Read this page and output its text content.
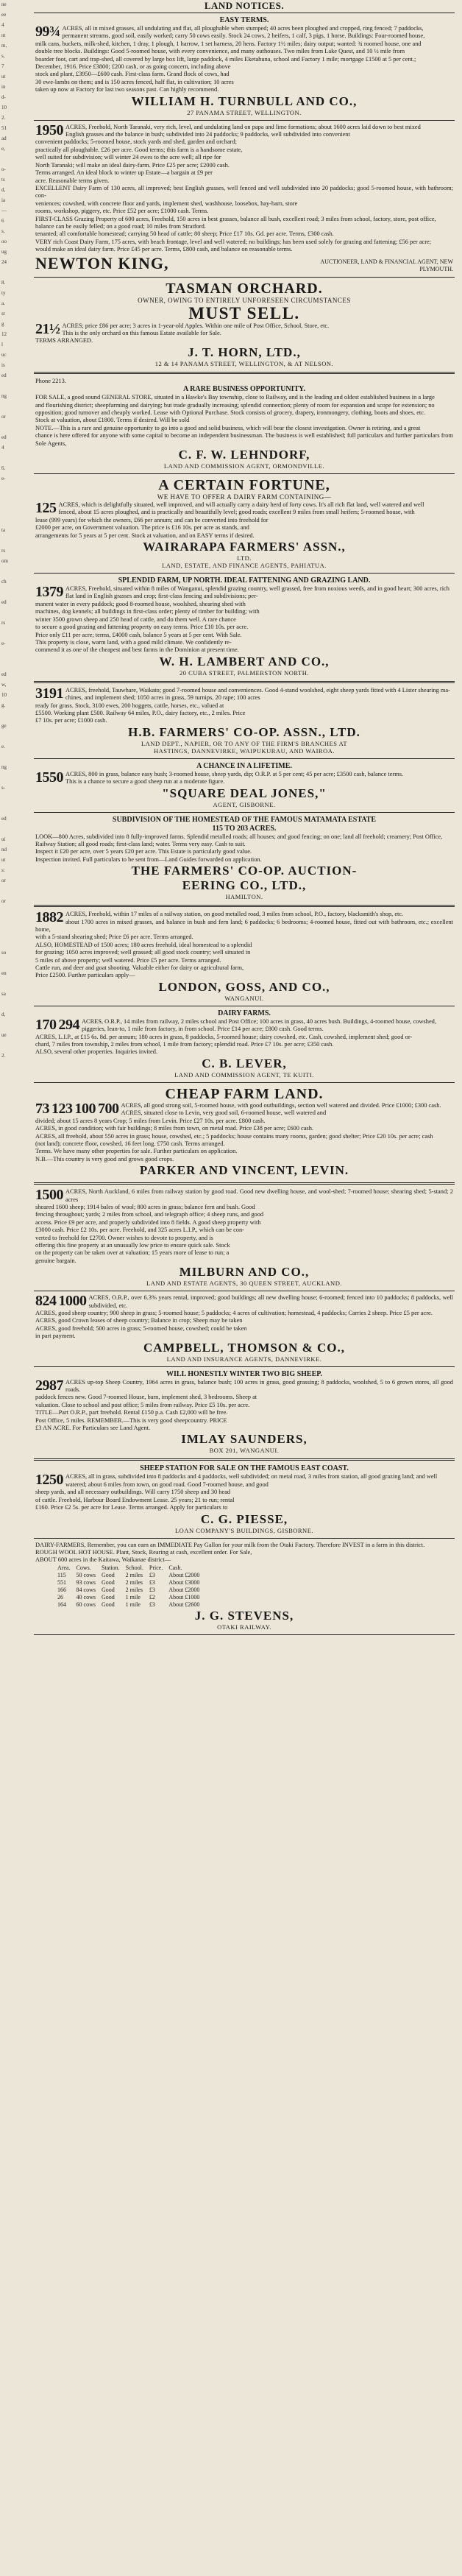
ne
ee
4
nt
m,
s,
7
ut
in
d-
10
2.
51
ad
e,
o-
ts
d,
ia
—
6
s,
oo
ug
24
8.
ty
a.
st
g
12
l
uc
is
ed
ng
or
ed
4
6.
e-
ta
rs
om
ch
ed
rs
e-
ed
w,
10
g.
ge
e.
ng
s-
ed
ui
nd
ut
s:
or
or
so
en
sa
d,
ue
2.
LAND NOTICES.
EASY TERMS.
99¾ ACRES, all in mixed grasses, all undulating and flat, all ploughable when stumped; 40 acres been ploughed and cropped, ring fenced; 7 paddocks,
permanent streams, good soil, easily worked; carry 50 cows easily. Stock 24 cows, 2 heifers, 1 calf, 3 pigs, 1 horse. Buildings: Four-roomed house,
milk cans, buckets, milk-shed, kitchen, 1 dray, 1 plough, 1 harrow, 1 set harness, 20 hens. Factory 1½ miles; dairy output; wanted: ¾ roomed house, one and
double tree blocks. Buildings: Good 5-roomed house, with every convenience, and many outhouses. Two miles from Lake Quest, and 10 ½ mile from
boarder foot, cart and trap-shed, all covered by large box lift, large paddock, 4 miles Eketahuna, school and Factory 1 mile; mortgage £1500 at 5 per cent.;
December, 1916. Price £3800; £200 cash, or as going concern, including above
stock and plant, £3950—£600 cash. First-class farm. Grand flock of cows, had
30 ewe-lambs on them; and is 150 acres fenced, half flat, in cultivation; 10 acres
taken up now at Factory for last two seasons past. Can highly recommend.
WILLIAM H. TURNBULL AND CO.,
27 PANAMA STREET, WELLINGTON.
1950 ACRES, Freehold, North Taranaki, very rich, level, and undulating land on papa and lime formations; about 1600 acres laid down to best mixed
English grasses and the balance in bush; subdivided into 24 paddocks; 9 paddocks, well subdivided into convenient
convenient paddocks; 5-roomed house, stock yards and shed, garden and orchard;
practically all ploughable. £26 per acre. Good terms; this farm is a handsome estate,
well suited for subdivision; will winter 24 ewes to the acre well; all ripe for
North Taranaki; will make an ideal dairy-farm. Price £25 per acre; £2000 cash.
Terms arranged. An ideal block to winter up Estate—a bargain at £9 per
acre. Reasonable terms given.
EXCELLENT Dairy Farm of 130 acres, all improved; best English grasses, well fenced and well subdivided into 20 paddocks; good 5-roomed house, with bathroom; con-
veniences; cowshed, with concrete floor and yards, implement shed, washhouse, loosebox, hay-barn, store
rooms, workshop, piggery, etc. Price £52 per acre; £1000 cash. Terms.
FIRST-CLASS Grazing Property of 600 acres, Freehold, 150 acres in best grasses, balance all bush, excellent road; 3 miles from school, factory, store, post office,
balance can be easily felled; on a good road; 10 miles from Stratford.
tenanted; all comfortable homestead; carrying 50 head of cattle; 80 sheep; Price £17 10s. Gd. per acre. Terms, £300 cash.
VERY rich Coast Dairy Farm, 175 acres, with beach frontage, level and well watered; no buildings; has been used solely for grazing and fattening; £56 per acre;
would make an ideal dairy farm. Price £45 per acre. Terms, £800 cash, and balance on reasonable terms.
NEWTON KING,	AUCTIONEER, LAND & FINANCIAL AGENT, NEW PLYMOUTH.
TASMAN ORCHARD.
OWNER, OWING TO ENTIRELY UNFORESEEN CIRCUMSTANCES
MUST SELL.
21½ ACRES; price £86 per acre; 3 acres in 1-year-old Apples. Within one mile of Post Office, School, Store, etc.
This is the only orchard on this famous Estate available for Sale.
TERMS ARRANGED.
J. T. HORN, LTD.,
12 & 14 PANAMA STREET, WELLINGTON, & AT NELSON.
Phone 2213.
A RARE BUSINESS OPPORTUNITY.
FOR SALE, a good sound GENERAL STORE, situated in a Hawke's Bay township, close to Railway, and is the leading and oldest established business in a large
and flourishing district; sheepfarming and dairying; but trade gradually increasing; splendid connection; plenty of room for expansion and scope for extension; no
opposition; good turnover and cheaply worked. Lease with Optional Purchase. Stock consists of grocery, drapery, ironmongery, clothing, boots and shoes, etc.
Stock at valuation, about £1800. Terms if desired. Will be sold
NOTE.—This is a rare and genuine opportunity to go into a good and solid business, which will bear the closest investigation. Owner is retiring, and a great
chance is here offered for anyone with some capital to become an independent businessman. The business is well established; full particulars and further particulars from Sole Agents,
C. F. W. LEHNDORF,
LAND AND COMMISSION AGENT, ORMONDVILLE.
A CERTAIN FORTUNE,
WE HAVE TO OFFER A DAIRY FARM CONTAINING—
125 ACRES, which is delightfully situated, well improved, and will actually carry a dairy herd of forty cows. It's all rich flat land, well watered and well
fenced, about 15 acres ploughed, and is practically and beautifully level; good roads; excellent 9 miles from small heifers; 5-roomed house, with
lease (999 years) for which the owners, £66 per annum; and can be converted into freehold for
£2000 per acre, on Government valuation. The price is £16 10s. per acre as stands, and
arrangements for 5 years at 5 per cent. Stock at valuation, and on EASY terms if desired.
WAIRARAPA FARMERS' ASSN.,
LTD.
LAND, ESTATE, AND FINANCE AGENTS, PAHIATUA.
SPLENDID FARM, UP NORTH. IDEAL FATTENING AND GRAZING LAND.
1379 ACRES, Freehold, situated within 8 miles of Wanganui, splendid grazing country, well grassed, free from noxious weeds, and in good heart; 300 acres, rich
flat land in English grasses and crop; first-class fencing and subdivisions; per-
manent water in every paddock; good 8-roomed house, woolshed, shearing shed with
machines, dog kennels; all buildings in first-class order; plenty of timber for building; with
winter 3500 grown sheep and 250 head of cattle, and do them well. A rare chance
to secure a good grazing and fattening property on easy terms. Price £10 10s. per acre.
Price only £11 per acre; terms, £4000 cash, balance 5 years at 5 per cent. With Sale.
This property is close, warm land, with a good mild climate. We confidently re-
commend it as one of the cheapest and best farms in the Dominion at present time.
W. H. LAMBERT AND CO.,
20 CUBA STREET, PALMERSTON NORTH.
3191 ACRES, freehold, Tauwhare, Waikato; good 7-roomed house and conveniences. Good 4-stand woolshed, eight sheep yards fitted with 4 Lister shearing ma-
chines, and implement shed; 1050 acres in grass, 59 turnips, 20 rape; 100 acres
ready for grass. Stock, 3100 ewes, 200 hoggets, cattle, horses, etc., valued at
£5500. Working plant £500. Railway 64 miles, P.O., dairy factory, etc., 2 miles. Price
£7 10s. per acre; £1000 cash.
H.B. FARMERS' CO-OP. ASSN., LTD.
LAND DEPT., NAPIER, OR TO ANY OF THE FIRM'S BRANCHES AT
HASTINGS, DANNEVIRKE, WAIPUKURAU, AND WAIROA.
A CHANCE IN A LIFETIME.
1550 ACRES, 800 in grass, balance easy bush; 3-roomed house, sheep yards, dip; O.R.P. at 5 per cent; 45 per acre; £3500 cash, balance terms.
This is a chance to secure a good sheep run at a moderate figure.
"SQUARE DEAL JONES,"
AGENT, GISBORNE.
SUBDIVISION OF THE HOMESTEAD OF THE FAMOUS MATAMATA ESTATE
115 TO 203 ACRES.
LOOK—800 Acres, subdivided into 8 fully-improved farms. Splendid metalled roads; all houses; and good fencing; on one; land all freehold; creamery; Post Office,
Railway Station; all good roads; first-class land; water. Terms very easy. Cash to suit.
Inspect it £20 per acre, over 5 years £20 per acre. This Estate is particularly good value.
Inspection invited. Full particulars to be sent from—Land Guides forwarded on application.
THE FARMERS' CO-OP. AUCTION-
EERING CO., LTD.,
HAMILTON.
1882 ACRES, Freehold, within 17 miles of a railway station, on good metalled road, 3 miles from school, P.O., factory, blacksmith's shop, etc.
about 1700 acres in mixed grasses, and balance in bush and fern land; 6 paddocks; 6 bedrooms; 4-roomed house, fitted out with bathroom, etc.; excellent home,
with a 5-stand shearing shed; Price £6 per acre. Terms arranged.
ALSO, HOMESTEAD of 1500 acres; 180 acres freehold, ideal homestead to a splendid
for grazing; 1050 acres improved; well grassed; all good stock country; well situated in
5 miles of above property; well watered. Price £5 per acre. Terms arranged.
Cattle run, and deer and goat shooting. Valuable either for dairy or agricultural farm,
Price £2500. Further particulars apply—
LONDON, GOSS, AND CO.,
WANGANUI.
DAIRY FARMS.
170 294 ACRES, O.R.P., 14 miles from railway, 2 miles school and Post Office; 100 acres in grass, 40 acres bush. Buildings, 4-roomed house, cowshed,
piggeries, lean-to, 1 mile from factory, in from school. Price £14 per acre; £800 cash. Good terms.
ACRES, L.I.P., at £15 6s. 8d. per annum; 180 acres in grass, 8 paddocks, 5-roomed house; dairy cowshed, etc. Cash, cowshed, implement shed; good or-
chard, 7 miles from township, 2 miles from school, 1 mile from factory; splendid road. Price £7 10s. per acre; £350 cash.
ALSO, several other properties. Inquiries invited.
C. B. LEVER,
LAND AND COMMISSION AGENT, TE KUITI.
CHEAP FARM LAND.
73 123 100 700 ACRES, all good strong soil, 5-roomed house, with good outbuildings, section well watered and divided. Price £1000; £300 cash.
ACRES, situated close to Levin, very good soil, 6-roomed house, well watered and
divided; about 15 acres 8 years Crop; 5 miles from Levin. Price £27 10s. per acre. £800 cash.
ACRES, in good condition; with fair buildings; 8 miles from town, on metal road. Price £38 per acre; £600 cash.
ACRES, all freehold, about 550 acres in grass; house, cowshed, etc.; 5 paddocks; house contains many rooms, garden; good shelter; Price £20 10s. per acre; cash
(not land); concrete floor, cowshed, 16 feet long. £750 cash. Terms arranged.
Terms. We have many other properties for sale. Further particulars on application.
N.B.—This country is very good and grows good crops.
PARKER AND VINCENT, LEVIN.
1500 ACRES, North Auckland, 6 miles from railway station by good road. Good new dwelling house, and wool-shed; 7-roomed house; shearing shed; 5-stand; 2 acres
sheared 1600 sheep; 1914 bales of wool; 800 acres in grass; balance fern and bush. Good
fencing throughout; yards; 2 miles from school, and telegraph office; 4 sheep runs, and good
access. Price £9 per acre, and properly subdivided into 8 fields. A good sheep property with
£3000 cash. Price £2 10s. per acre. Freehold, and 325 acres L.I.P., which can be con-
verted to freehold for £2700. Owner wishes to devote to property, and is
offering this fine property at an unusually low price to ensure quick sale. Stock
on the property can be taken over at valuation; 15 years more of lease to run; a
genuine bargain.
MILBURN AND CO.,
LAND AND ESTATE AGENTS, 30 QUEEN STREET, AUCKLAND.
824 1000 ACRES, O.R.P., over 6.3% years rental, improved; good buildings; all new dwelling house; 6-roomed; fenced into 10 paddocks; 8 paddocks, well subdivided, etc.
ACRES, good sheep country; 900 sheep in grass; 5-roomed house; 5 paddocks; 4 acres of cultivation; homestead, 4 paddocks; Carries 2 sheep. Price £5 per acre.
ACRES, good Crown leases of sheep country; Balance in crop; Sheep may be taken
ACRES, good freehold; 500 acres in grass; 5-roomed house, cowshed; could be taken
in part payment.
CAMPBELL, THOMSON & CO.,
LAND AND INSURANCE AGENTS, DANNEVIRKE.
WILL HONESTLY WINTER TWO BIG SHEEP.
2987 ACRES up-top Sheep Country, 1964 acres in grass, balance bush; 100 acres in grass, good grassing; 8 paddocks, woolshed, 5 to 6 grown stores, all good roads.
paddock fences new. Good 7-roomed House, barn, implement shed, 3 bedrooms. Sheep at
valuation. Close to school and post office; 5 miles from railway. Price £5 10s. per acre.
TITLE—Part O.R.P., part freehold. Rental £150 p.a. Cash £2,000 will be free.
Post Office, 5 miles. REMEMBER.—This is very good sheepcountry. PRICE
£3 AN ACRE. For Particulars see Land Agent.
IMLAY SAUNDERS,
BOX 201, WANGANUI.
SHEEP STATION FOR SALE ON THE FAMOUS EAST COAST.
1250 ACRES, all in grass, subdivided into 8 paddocks and 4 paddocks, well subdivided; on metal road, 3 miles from station, all good grazing land; and well
watered; about 6 miles from town, on good road. Good 7-roomed house, and good
sheep yards, and all necessary outbuildings. Will carry 1750 sheep and 30 head
of cattle. Freehold, Harbour Board Endowment Lease. 25 years; 21 to run; rental
£160. Price £2 5s. per acre for Lease. Terms arranged. Apply for particulars to
C. G. PIESSE,
LOAN COMPANY'S BUILDINGS, GISBORNE.
DAIRY-FARMERS, Remember, you can earn an IMMEDIATE Pay Gallon for your milk from the Otaki Factory. Therefore INVEST in a farm in this district.
ROUGH WOOL HOT HOUSE. Plant, Stock, Rearing at cash, excellent order. For Sale,
ABOUT 600 acres in the Kaitawa, Waikanae district—
Area.	Cows.	Station.	School.	Price.	Cash.
115	50 cows	Good	2 miles	£3	About £2000
551	93 cows	Good	2 miles	£3	About £3000
166	84 cows	Good	2 miles	£3	About £2000
26	40 cows	Good	1 mile	£2	About £1000
164	60 cows	Good	1 mile	£3	About £2600
J. G. STEVENS,
OTAKI RAILWAY.
